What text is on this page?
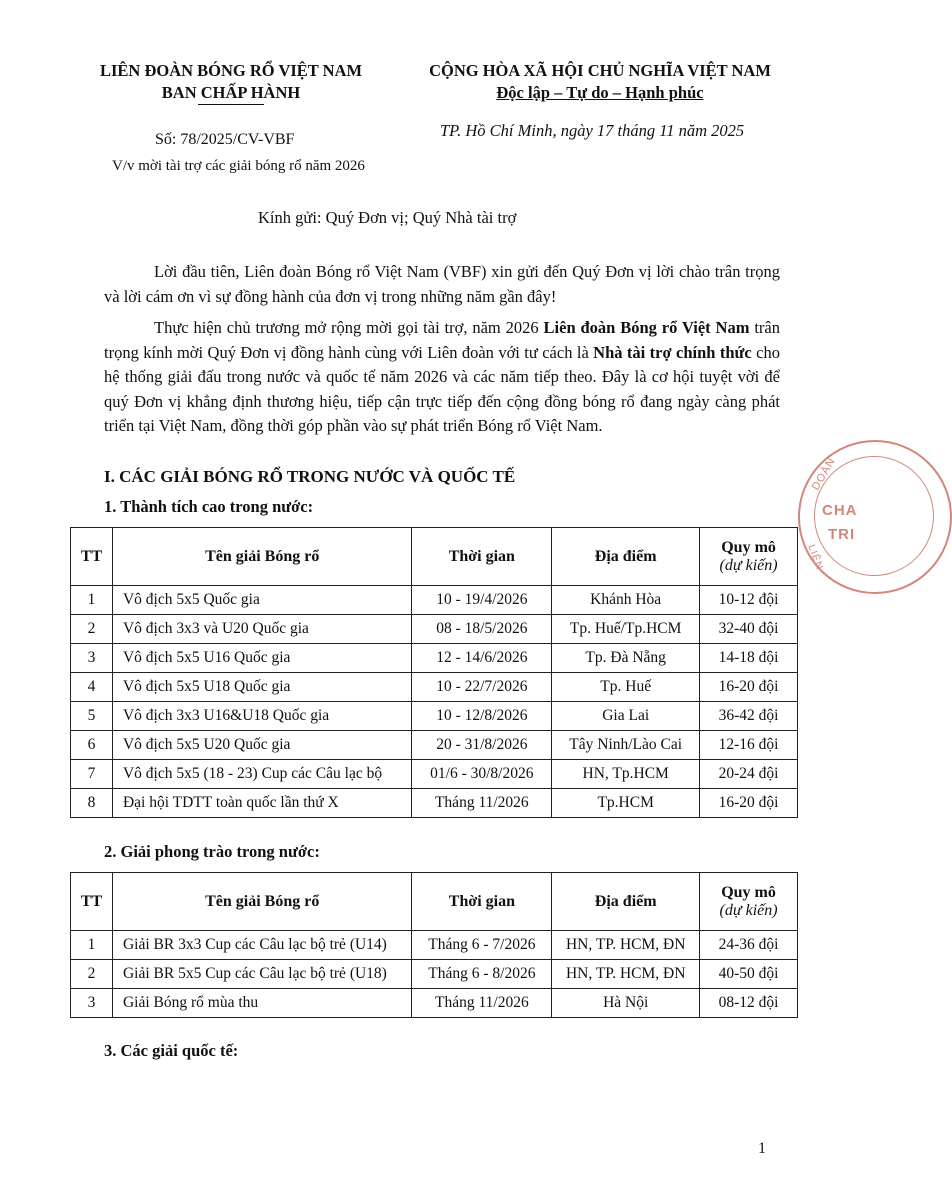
LIÊN ĐOÀN BÓNG RỔ VIỆT NAM
BAN CHẤP HÀNH
CỘNG HÒA XÃ HỘI CHỦ NGHĨA VIỆT NAM
Độc lập – Tự do – Hạnh phúc
Số: 78/2025/CV-VBF
V/v mời tài trợ các giải bóng rổ năm 2026
TP. Hồ Chí Minh, ngày 17 tháng 11 năm 2025
Kính gửi: Quý Đơn vị; Quý Nhà tài trợ
Lời đầu tiên, Liên đoàn Bóng rổ Việt Nam (VBF) xin gửi đến Quý Đơn vị lời chào trân trọng và lời cám ơn vì sự đồng hành của đơn vị trong những năm gần đây!
Thực hiện chủ trương mở rộng mời gọi tài trợ, năm 2026 Liên đoàn Bóng rổ Việt Nam trân trọng kính mời Quý Đơn vị đồng hành cùng với Liên đoàn với tư cách là Nhà tài trợ chính thức cho hệ thống giải đấu trong nước và quốc tế năm 2026 và các năm tiếp theo. Đây là cơ hội tuyệt vời để quý Đơn vị khẳng định thương hiệu, tiếp cận trực tiếp đến cộng đồng bóng rổ đang ngày càng phát triển tại Việt Nam, đồng thời góp phần vào sự phát triển Bóng rổ Việt Nam.
I. CÁC GIẢI BÓNG RỔ TRONG NƯỚC VÀ QUỐC TẾ
1. Thành tích cao trong nước:
TT	Tên giải Bóng rổ	Thời gian	Địa điểm	Quy mô
(dự kiến)

1	Vô địch 5x5 Quốc gia	10 - 19/4/2026	Khánh Hòa	10-12 đội
2	Vô địch 3x3 và U20 Quốc gia	08 - 18/5/2026	Tp. Huế/Tp.HCM	32-40 đội
3	Vô địch 5x5 U16 Quốc gia	12 - 14/6/2026	Tp. Đà Nẵng	14-18 đội
4	Vô địch 5x5 U18 Quốc gia	10 - 22/7/2026	Tp. Huế	16-20 đội
5	Vô địch 3x3 U16&U18 Quốc gia	10 - 12/8/2026	Gia Lai	36-42 đội
6	Vô địch 5x5 U20 Quốc gia	20 - 31/8/2026	Tây Ninh/Lào Cai	12-16 đội
7	Vô địch 5x5 (18 - 23) Cup các Câu lạc bộ	01/6 - 30/8/2026	HN, Tp.HCM	20-24 đội
8	Đại hội TDTT toàn quốc lần thứ X	Tháng 11/2026	Tp.HCM	16-20 đội
2. Giải phong trào trong nước:
TT	Tên giải Bóng rổ	Thời gian	Địa điểm	Quy mô
(dự kiến)

1	Giải BR 3x3 Cup các Câu lạc bộ trẻ (U14)	Tháng 6 - 7/2026	HN, TP. HCM, ĐN	24-36 đội
2	Giải BR 5x5 Cup các Câu lạc bộ trẻ (U18)	Tháng 6 - 8/2026	HN, TP. HCM, ĐN	40-50 đội
3	Giải Bóng rổ mùa thu	Tháng 11/2026	Hà Nội	08-12 đội
3. Các giải quốc tế:
DOÀN
CHA
TRI
LIÊN
1
